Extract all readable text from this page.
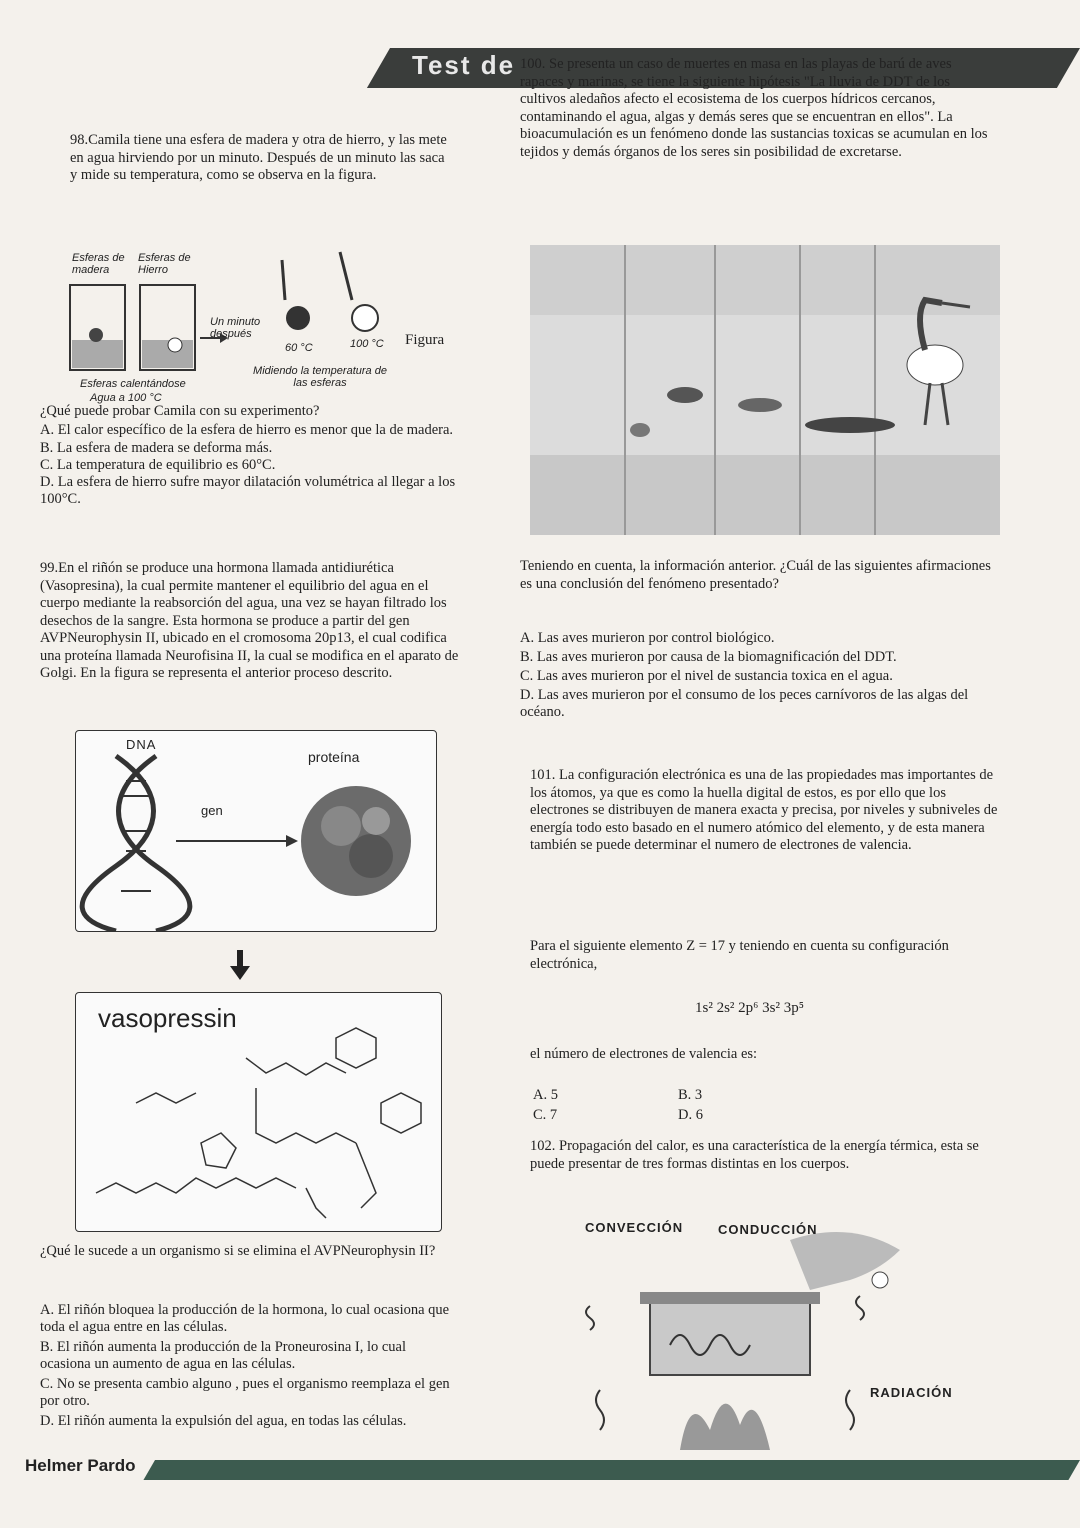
Test de
98.Camila tiene una esfera de madera y otra de hierro, y las mete en agua hirviendo por un minuto. Después de un minuto las saca y mide su temperatura, como se observa en la figura.
Esferas de madera
Esferas de Hierro
Un minuto después
60 °C	100 °C Figura
Esferas calentándose
Agua a 100 °C
Midiendo la temperatura de las esferas
¿Qué puede probar Camila con su experimento?
A. El calor específico de la esfera de hierro es menor que la de madera.
B. La esfera de madera se deforma más.
C. La temperatura de equilibrio es 60°C.
D. La esfera de hierro sufre mayor dilatación volumétrica al llegar a los 100°C.
99.En el riñón se produce una hormona llamada antidiurética (Vasopresina), la cual permite mantener el equilibrio del agua en el cuerpo mediante la reabsorción del agua, una vez se hayan filtrado los desechos de la sangre. Esta hormona se produce a partir del gen AVPNeurophysin II, ubicado en el cromosoma 20p13, el cual codifica una proteína llamada Neurofisina II, la cual se modifica en el aparato de Golgi. En la figura se representa el anterior proceso descrito.
DNA
gen
proteína
vasopressin
¿Qué le sucede a un organismo si se elimina el AVPNeurophysin II?
A. El riñón bloquea la producción de la hormona, lo cual ocasiona que toda el agua entre en las células.
B. El riñón aumenta la producción de la Proneurosina I, lo cual ocasiona un aumento de agua en las células.
C. No se presenta cambio alguno , pues el organismo reemplaza el gen por otro.
D. El riñón aumenta la expulsión del agua, en todas las células.
100. Se presenta un caso de muertes en masa en las playas de barú de aves rapaces y marinas, se tiene la siguiente hipótesis "La lluvia de DDT de los cultivos aledaños afecto el ecosistema de los cuerpos hídricos cercanos, contaminando el agua, algas y demás seres que se encuentran en ellos". La bioacumulación es un fenómeno donde las sustancias toxicas se acumulan en los tejidos y demás órganos de los seres sin posibilidad de excretarse.
Teniendo en cuenta, la información anterior. ¿Cuál de las siguientes afirmaciones es una conclusión del fenómeno presentado?
A. Las aves murieron por control biológico.
B. Las aves murieron por causa de la biomagnificación del DDT.
C. Las aves murieron por el nivel de sustancia toxica en el agua.
D. Las aves murieron por el consumo de los peces carnívoros de las algas del océano.
101. La configuración electrónica es una de las propiedades mas importantes de los átomos, ya que es como la huella digital de estos, es por ello que los electrones se distribuyen de manera exacta y precisa, por niveles y subniveles de energía todo esto basado en el numero atómico del elemento, y de esta manera también se puede determinar el numero de electrones de valencia.
Para el siguiente elemento Z = 17 y teniendo en cuenta su configuración electrónica,
1s² 2s² 2p⁶ 3s² 3p⁵
el número de electrones de valencia es:
A. 5	B. 3
C. 7	D. 6
102. Propagación del calor, es una característica de la energía térmica, esta se puede presentar de tres formas distintas en los cuerpos.
CONVECCIÓN	CONDUCCIÓN
RADIACIÓN
Helmer Pardo
